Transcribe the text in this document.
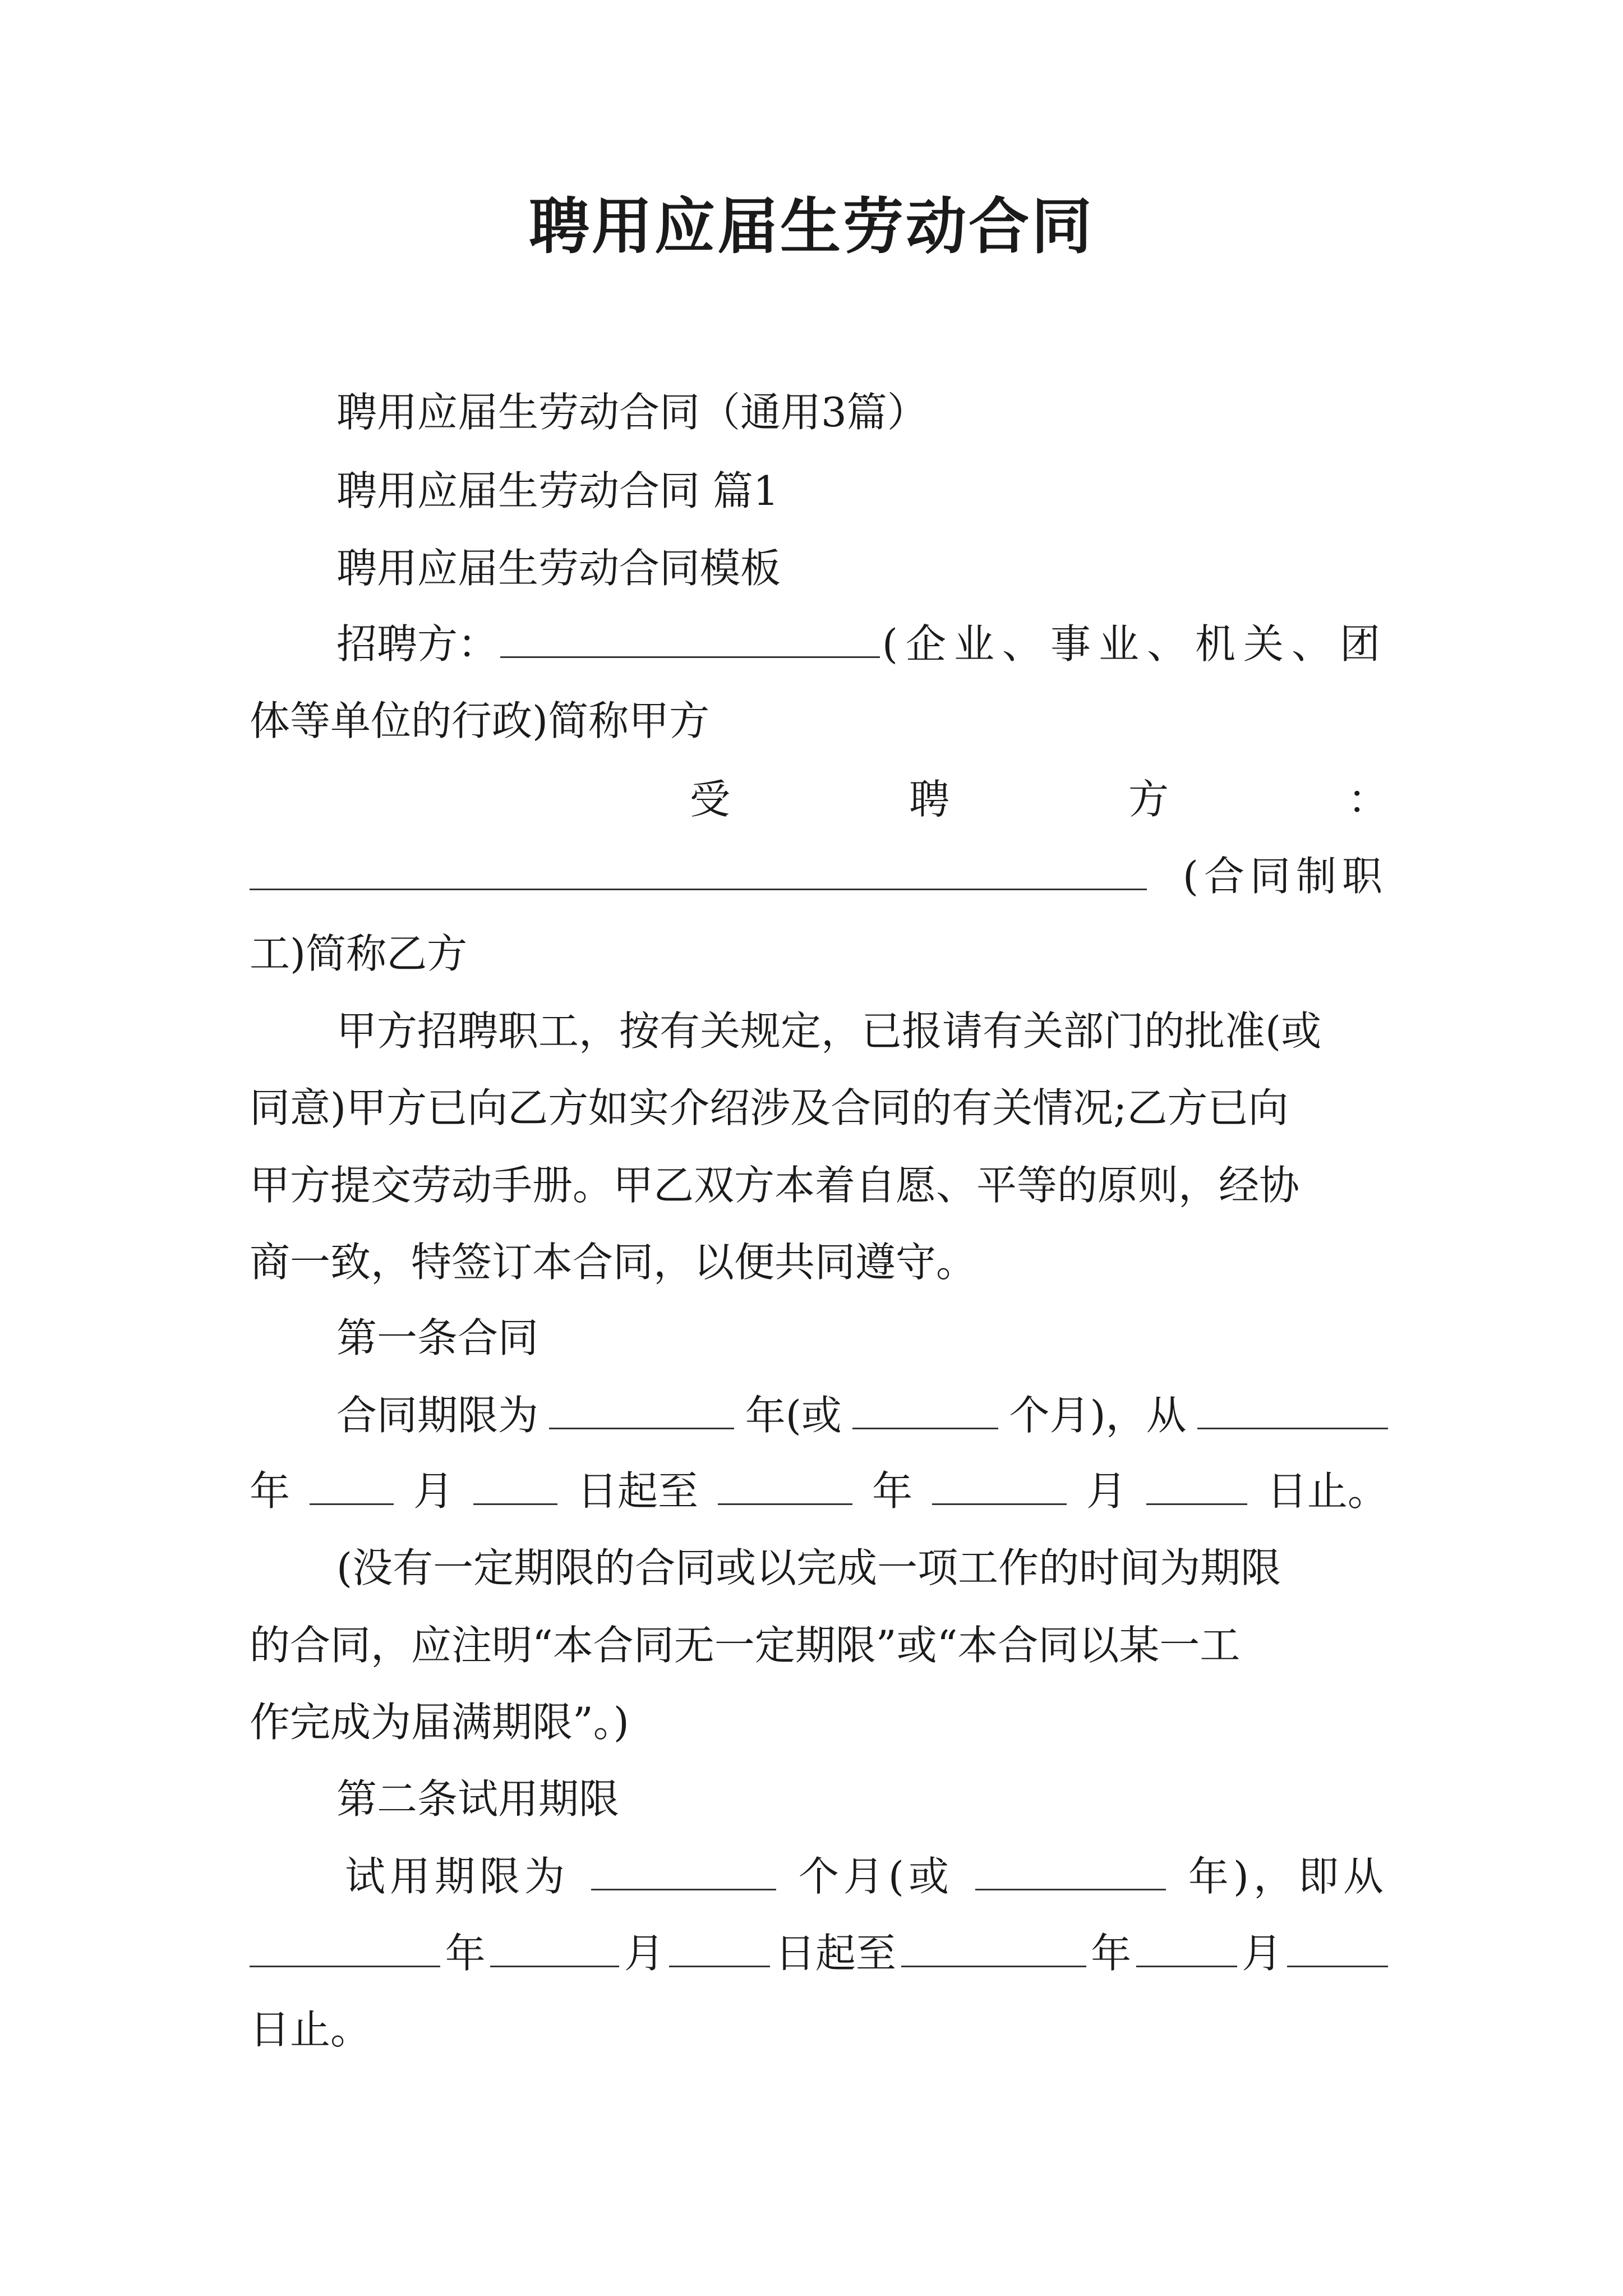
聘用应届生劳动合同
聘用应届生劳动合同（通用3篇）
聘用应届生劳动合同 篇1
聘用应届生劳动合同模板
招聘方：	(企业、事业、机关、团
体等单位的行政)简称甲方
受	聘	方	：
(合同制职
工)简称乙方
甲方招聘职工，按有关规定，已报请有关部门的批准(或
同意)甲方已向乙方如实介绍涉及合同的有关情况;乙方已向
甲方提交劳动手册。甲乙双方本着自愿、平等的原则，经协
商一致，特签订本合同，以便共同遵守。
第一条合同
合同期限为	年(或	个月)，从
年	月	日起至	年	月	日止。
(没有一定期限的合同或以完成一项工作的时间为期限
的合同，应注明“本合同无一定期限”或“本合同以某一工
作完成为届满期限”。)
第二条试用期限
试用期限为	个月(或	年)，即从
年	月	日起至	年	月
日止。
